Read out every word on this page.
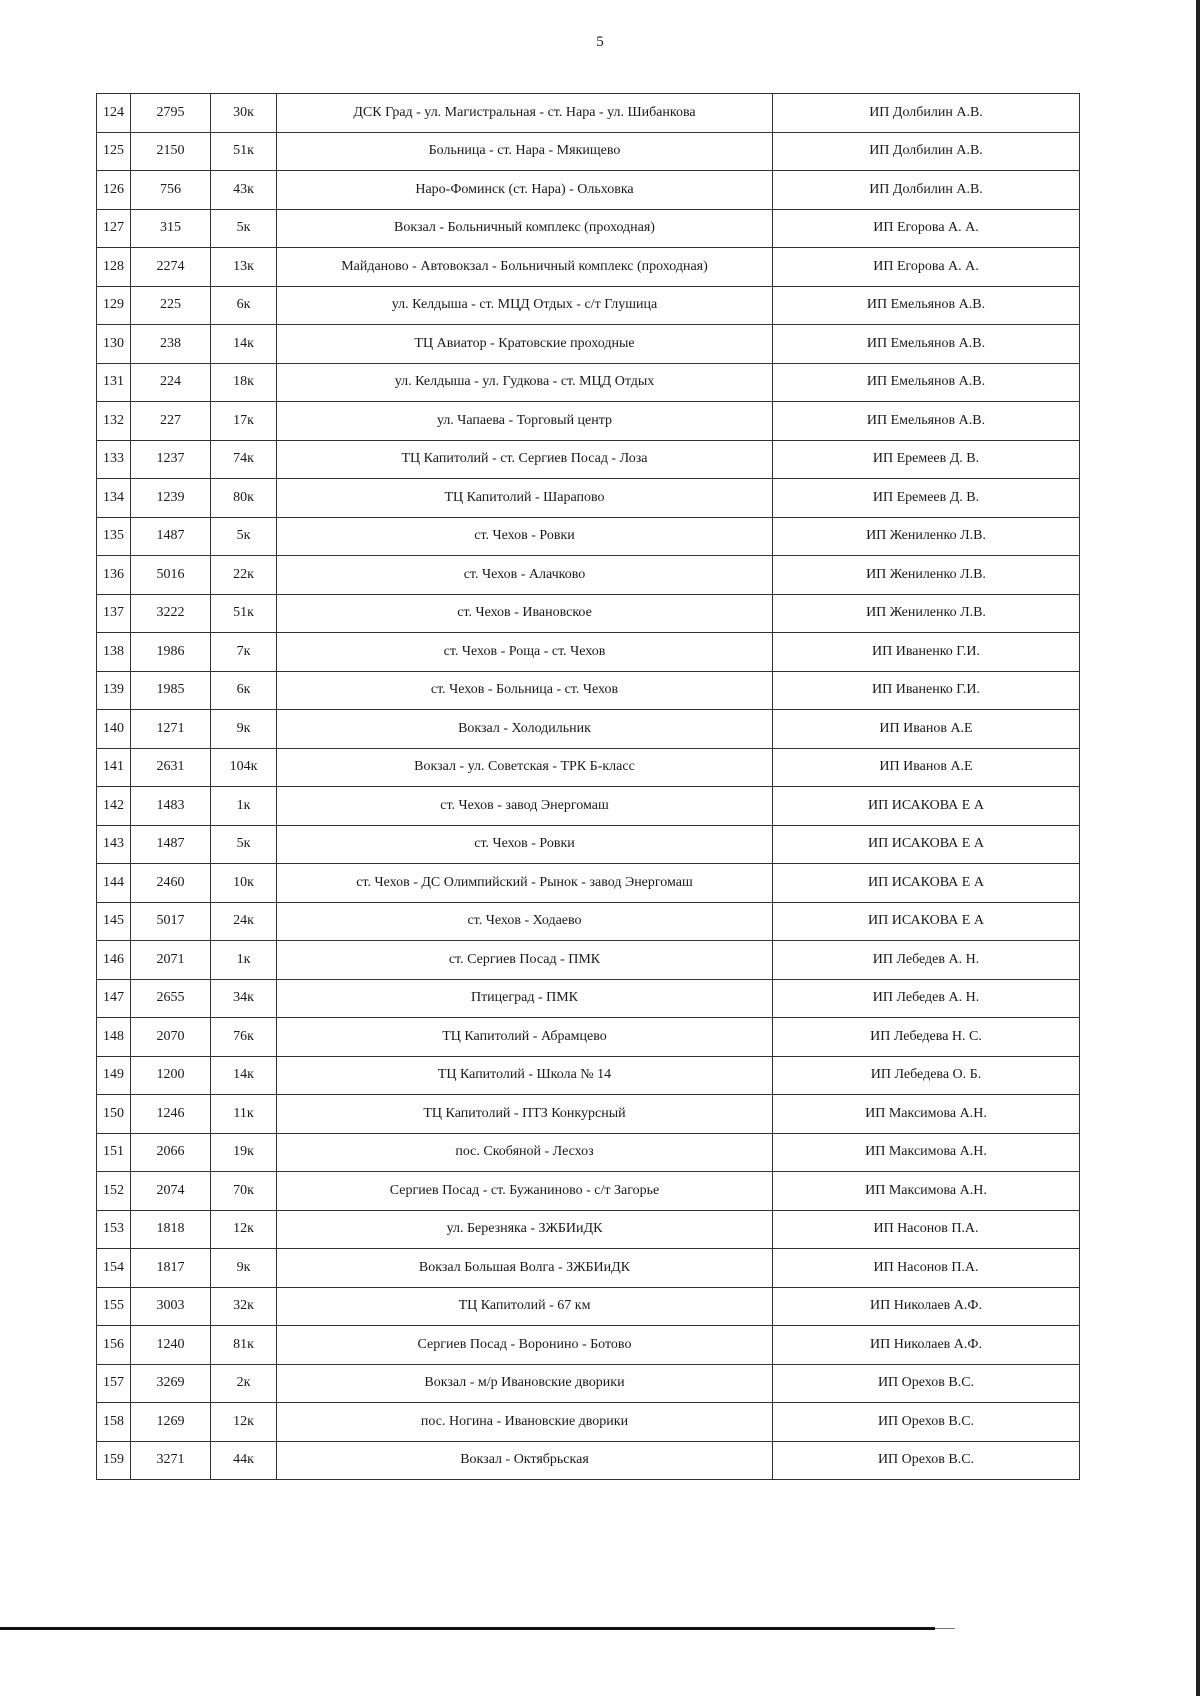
5
124	2795	30к	ДСК Град - ул. Магистральная - ст. Нара - ул. Шибанкова	ИП Долбилин А.В.
125	2150	51к	Больница - ст. Нара - Мякищево	ИП Долбилин А.В.
126	756	43к	Наро-Фоминск (ст. Нара) - Ольховка	ИП Долбилин А.В.
127	315	5к	Вокзал - Больничный комплекс (проходная)	ИП Егорова А. А.
128	2274	13к	Майданово - Автовокзал - Больничный комплекс (проходная)	ИП Егорова А. А.
129	225	6к	ул. Келдыша - ст. МЦД Отдых - с/т Глушица	ИП Емельянов А.В.
130	238	14к	ТЦ Авиатор - Кратовские проходные	ИП Емельянов А.В.
131	224	18к	ул. Келдыша - ул. Гудкова - ст. МЦД Отдых	ИП Емельянов А.В.
132	227	17к	ул. Чапаева - Торговый центр	ИП Емельянов А.В.
133	1237	74к	ТЦ Капитолий - ст. Сергиев Посад - Лоза	ИП Еремеев Д. В.
134	1239	80к	ТЦ Капитолий - Шарапово	ИП Еремеев Д. В.
135	1487	5к	ст. Чехов - Ровки	ИП Жениленко Л.В.
136	5016	22к	ст. Чехов - Алачково	ИП Жениленко Л.В.
137	3222	51к	ст. Чехов - Ивановское	ИП Жениленко Л.В.
138	1986	7к	ст. Чехов - Роща - ст. Чехов	ИП Иваненко Г.И.
139	1985	6к	ст. Чехов - Больница - ст. Чехов	ИП Иваненко Г.И.
140	1271	9к	Вокзал - Холодильник	ИП Иванов А.Е
141	2631	104к	Вокзал - ул. Советская - ТРК Б-класс	ИП Иванов А.Е
142	1483	1к	ст. Чехов - завод Энергомаш	ИП ИСАКОВА Е А
143	1487	5к	ст. Чехов - Ровки	ИП ИСАКОВА Е А
144	2460	10к	ст. Чехов - ДС Олимпийский - Рынок - завод Энергомаш	ИП ИСАКОВА Е А
145	5017	24к	ст. Чехов - Ходаево	ИП ИСАКОВА Е А
146	2071	1к	ст. Сергиев Посад - ПМК	ИП Лебедев А. Н.
147	2655	34к	Птицеград - ПМК	ИП Лебедев А. Н.
148	2070	76к	ТЦ Капитолий - Абрамцево	ИП Лебедева Н. С.
149	1200	14к	ТЦ Капитолий - Школа № 14	ИП Лебедева О. Б.
150	1246	11к	ТЦ Капитолий - ПТЗ Конкурсный	ИП Максимова А.Н.
151	2066	19к	пос. Скобяной - Лесхоз	ИП Максимова А.Н.
152	2074	70к	Сергиев Посад - ст. Бужаниново - с/т Загорье	ИП Максимова А.Н.
153	1818	12к	ул. Березняка - ЗЖБИиДК	ИП Насонов П.А.
154	1817	9к	Вокзал Большая Волга - ЗЖБИиДК	ИП Насонов П.А.
155	3003	32к	ТЦ Капитолий - 67 км	ИП Николаев А.Ф.
156	1240	81к	Сергиев Посад - Воронино - Ботово	ИП Николаев А.Ф.
157	3269	2к	Вокзал - м/р Ивановские дворики	ИП Орехов В.С.
158	1269	12к	пос. Ногина - Ивановские дворики	ИП Орехов В.С.
159	3271	44к	Вокзал - Октябрьская	ИП Орехов В.С.
